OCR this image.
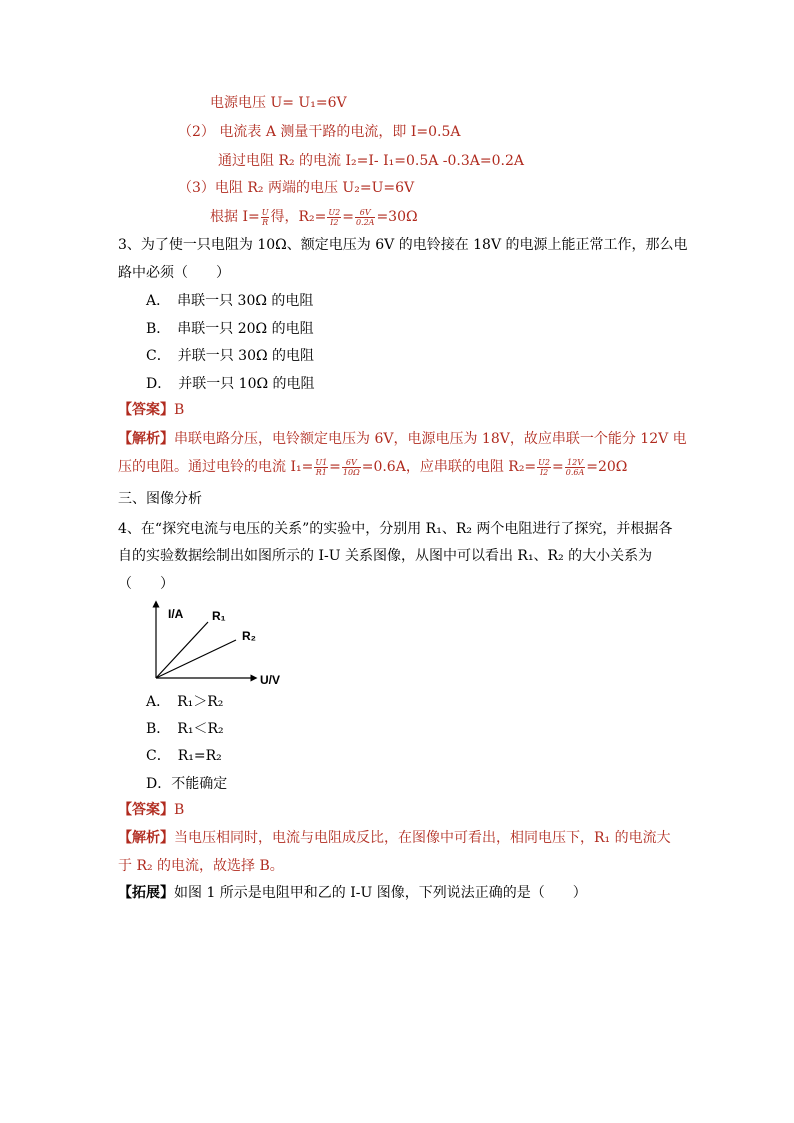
电源电压 U= U₁=6V
（2） 电流表 A 测量干路的电流，即 I=0.5A
通过电阻 R₂ 的电流 I₂=I- I₁=0.5A -0.3A=0.2A
（3）电阻 R₂ 两端的电压 U₂=U=6V
根据 $I= \frac{U}{R}$ 得，$R_2= \frac{U2}{I2} = \frac{6V}{0.2A} =30\Omega$
3、为了使一只电阻为 10Ω、额定电压为 6V 的电铃接在 18V 的电源上能正常工作，那么电
路中必须（　　）
A．　串联一只 30Ω 的电阻
B．　串联一只 20Ω 的电阻
C．　并联一只 30Ω 的电阻
D．　并联一只 10Ω 的电阻
【答案】B
【解析】串联电路分压，电铃额定电压为 6V，电源电压为 18V，故应串联一个能分 12V 电
压的电阻。通过电铃的电流 $I_1= \frac{U1}{R1} = \frac{6V}{10\Omega} =0.6A$，应串联的电阻 $R_2= \frac{U2}{I2} = \frac{12V}{0.6A} =20\Omega$
三、图像分析
4、在“探究电流与电压的关系”的实验中，分别用 R₁、R₂ 两个电阻进行了探究，并根据各
自的实验数据绘制出如图所示的 I-U 关系图像，从图中可以看出 R₁、R₂ 的大小关系为
（　　）
I/A
U/V
R₁
R₂
A．　R₁＞R₂
B．　R₁＜R₂
C．　R₁=R₂
D．不能确定
【答案】B
【解析】当电压相同时，电流与电阻成反比，在图像中可看出，相同电压下，R₁ 的电流大
于 R₂ 的电流，故选择 B。
【拓展】如图 1 所示是电阻甲和乙的 I-U 图像，下列说法正确的是（　　）
